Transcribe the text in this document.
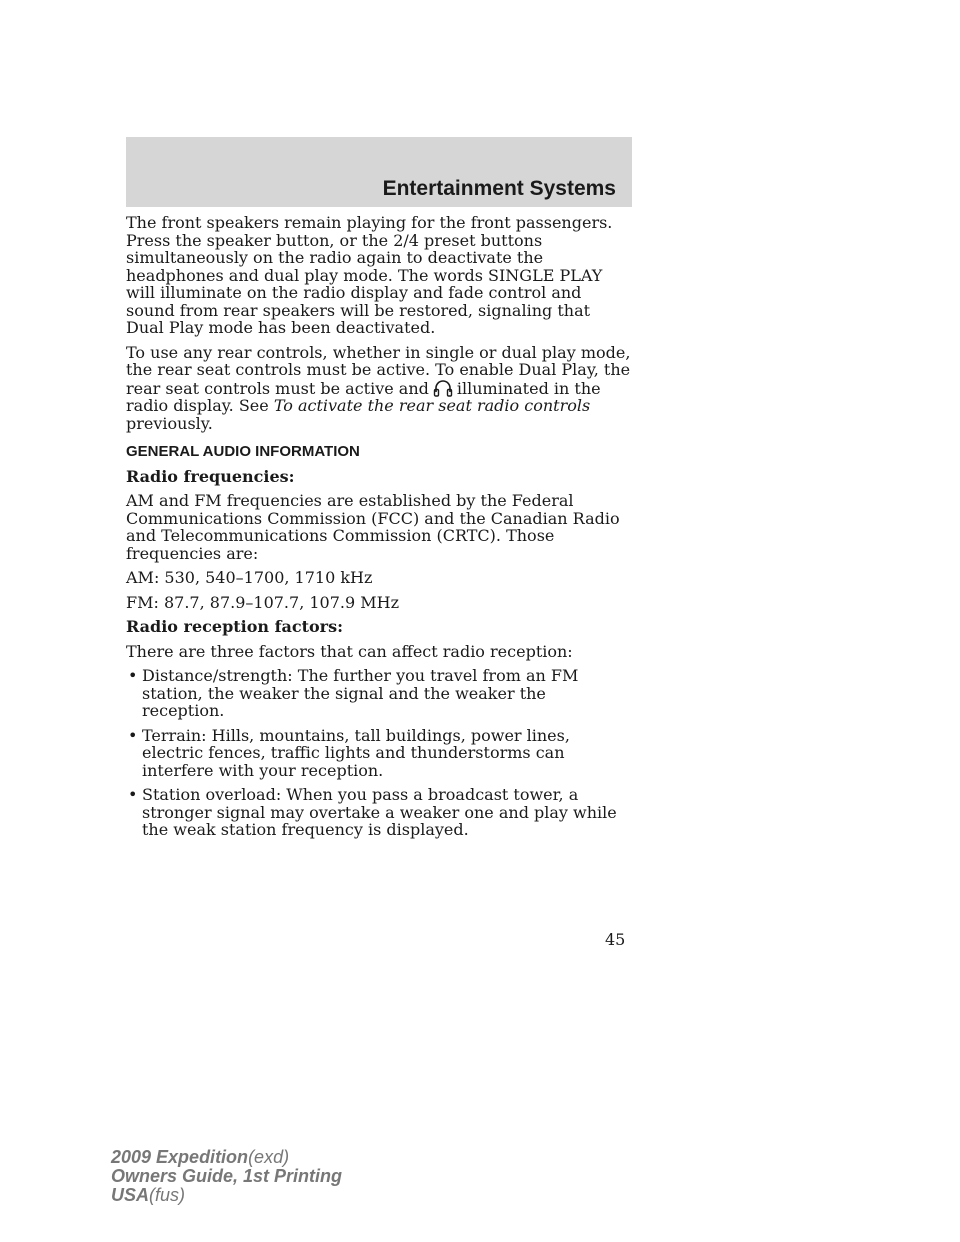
Entertainment Systems

The front speakers remain playing for the front passengers. Press the speaker button, or the 2/4 preset buttons simultaneously on the radio again to deactivate the headphones and dual play mode. The words SINGLE PLAY will illuminate on the radio display and fade control and sound from rear speakers will be restored, signaling that Dual Play mode has been deactivated.

To use any rear controls, whether in single or dual play mode, the rear seat controls must be active. To enable Dual Play, the rear seat controls must be active and illuminated in the radio display. See To activate the rear seat radio controls previously.

GENERAL AUDIO INFORMATION

Radio frequencies:

AM and FM frequencies are established by the Federal Communications Commission (FCC) and the Canadian Radio and Telecommunications Commission (CRTC). Those frequencies are:

AM: 530, 540–1700, 1710 kHz

FM: 87.7, 87.9–107.7, 107.9 MHz

Radio reception factors:

There are three factors that can affect radio reception:

• Distance/strength: The further you travel from an FM station, the weaker the signal and the weaker the reception.
• Terrain: Hills, mountains, tall buildings, power lines, electric fences, traffic lights and thunderstorms can interfere with your reception.
• Station overload: When you pass a broadcast tower, a stronger signal may overtake a weaker one and play while the weak station frequency is displayed.
45
2009 Expedition(exd)
Owners Guide, 1st Printing
USA(fus)
